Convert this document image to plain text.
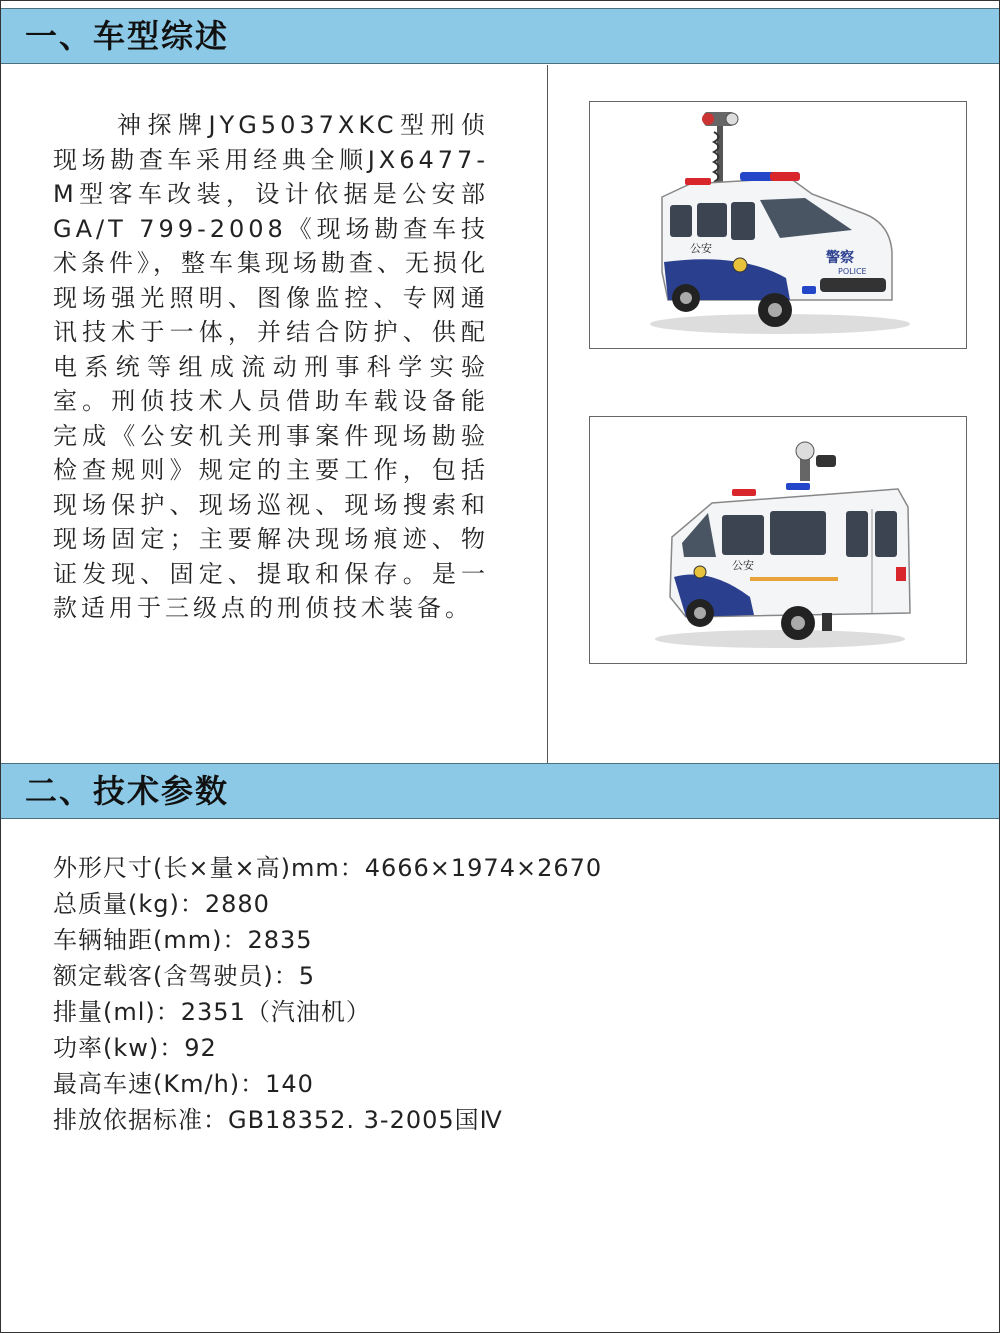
一、车型综述
神探牌JYG5037XKC型刑侦现场勘查车采用经典全顺JX6477-M型客车改装，设计依据是公安部GA/T 799-2008《现场勘查车技术条件》，整车集现场勘查、无损化现场强光照明、图像监控、专网通讯技术于一体，并结合防护、供配电系统等组成流动刑事科学实验室。刑侦技术人员借助车载设备能完成《公安机关刑事案件现场勘验检查规则》规定的主要工作，包括现场保护、现场巡视、现场搜索和现场固定；主要解决现场痕迹、物证发现、固定、提取和保存。是一款适用于三级点的刑侦技术装备。
公安
警察
POLICE
公安
二、技术参数
外形尺寸(长×量×高)mm：4666×1974×2670
总质量(kg)：2880
车辆轴距(mm)：2835
额定载客(含驾驶员)：5
排量(ml)：2351（汽油机）
功率(kw)：92
最高车速(Km/h)：140
排放依据标准：GB18352. 3-2005国Ⅳ
